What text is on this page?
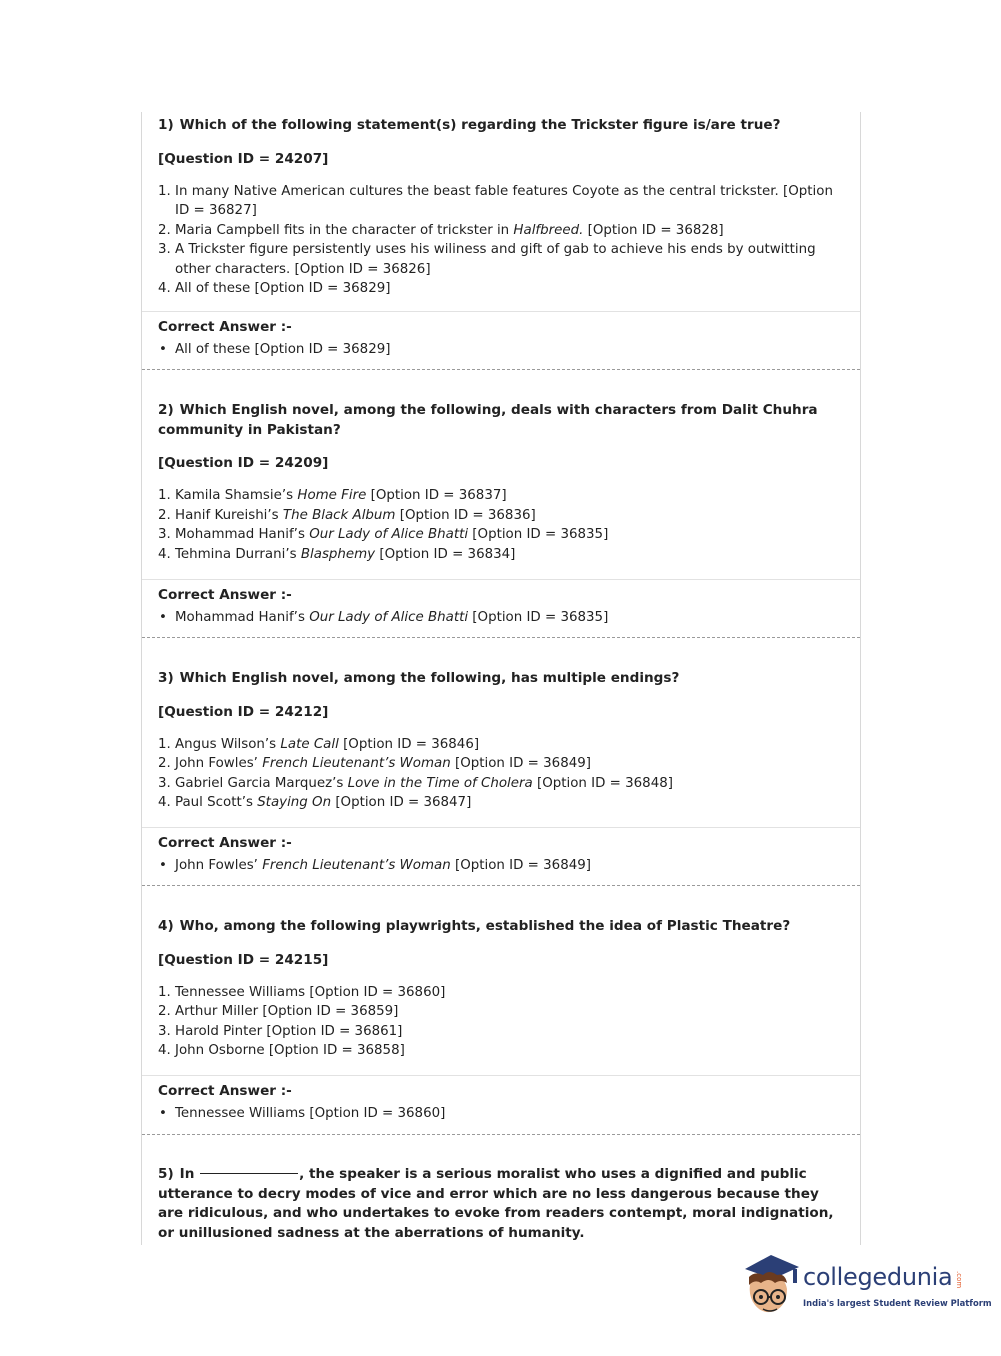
1) Which of the following statement(s) regarding the Trickster figure is/are true?

[Question ID = 24207]

1. In many Native American cultures the beast fable features Coyote as the central trickster. [Option ID = 36827]
2. Maria Campbell fits in the character of trickster in Halfbreed. [Option ID = 36828]
3. A Trickster figure persistently uses his wiliness and gift of gab to achieve his ends by outwitting other characters. [Option ID = 36826]
4. All of these [Option ID = 36829]

Correct Answer :-

• All of these [Option ID = 36829]

2) Which English novel, among the following, deals with characters from Dalit Chuhra community in Pakistan?

[Question ID = 24209]

1. Kamila Shamsie’s Home Fire [Option ID = 36837]
2. Hanif Kureishi’s The Black Album [Option ID = 36836]
3. Mohammad Hanif’s Our Lady of Alice Bhatti [Option ID = 36835]
4. Tehmina Durrani’s Blasphemy [Option ID = 36834]

Correct Answer :-

• Mohammad Hanif’s Our Lady of Alice Bhatti [Option ID = 36835]

3) Which English novel, among the following, has multiple endings?

[Question ID = 24212]

1. Angus Wilson’s Late Call [Option ID = 36846]
2. John Fowles’ French Lieutenant’s Woman [Option ID = 36849]
3. Gabriel Garcia Marquez’s Love in the Time of Cholera [Option ID = 36848]
4. Paul Scott’s Staying On [Option ID = 36847]

Correct Answer :-

• John Fowles’ French Lieutenant’s Woman [Option ID = 36849]

4) Who, among the following playwrights, established the idea of Plastic Theatre?

[Question ID = 24215]

1. Tennessee Williams [Option ID = 36860]
2. Arthur Miller [Option ID = 36859]
3. Harold Pinter [Option ID = 36861]
4. John Osborne [Option ID = 36858]

Correct Answer :-

• Tennessee Williams [Option ID = 36860]

5) In	, the speaker is a serious moralist who uses a dignified and public utterance to decry modes of vice and error which are no less dangerous because they are ridiculous, and who undertakes to evoke from readers contempt, moral indignation, or unillusioned sadness at the aberrations of humanity.

collegedunia .com
India's largest Student Review Platform
